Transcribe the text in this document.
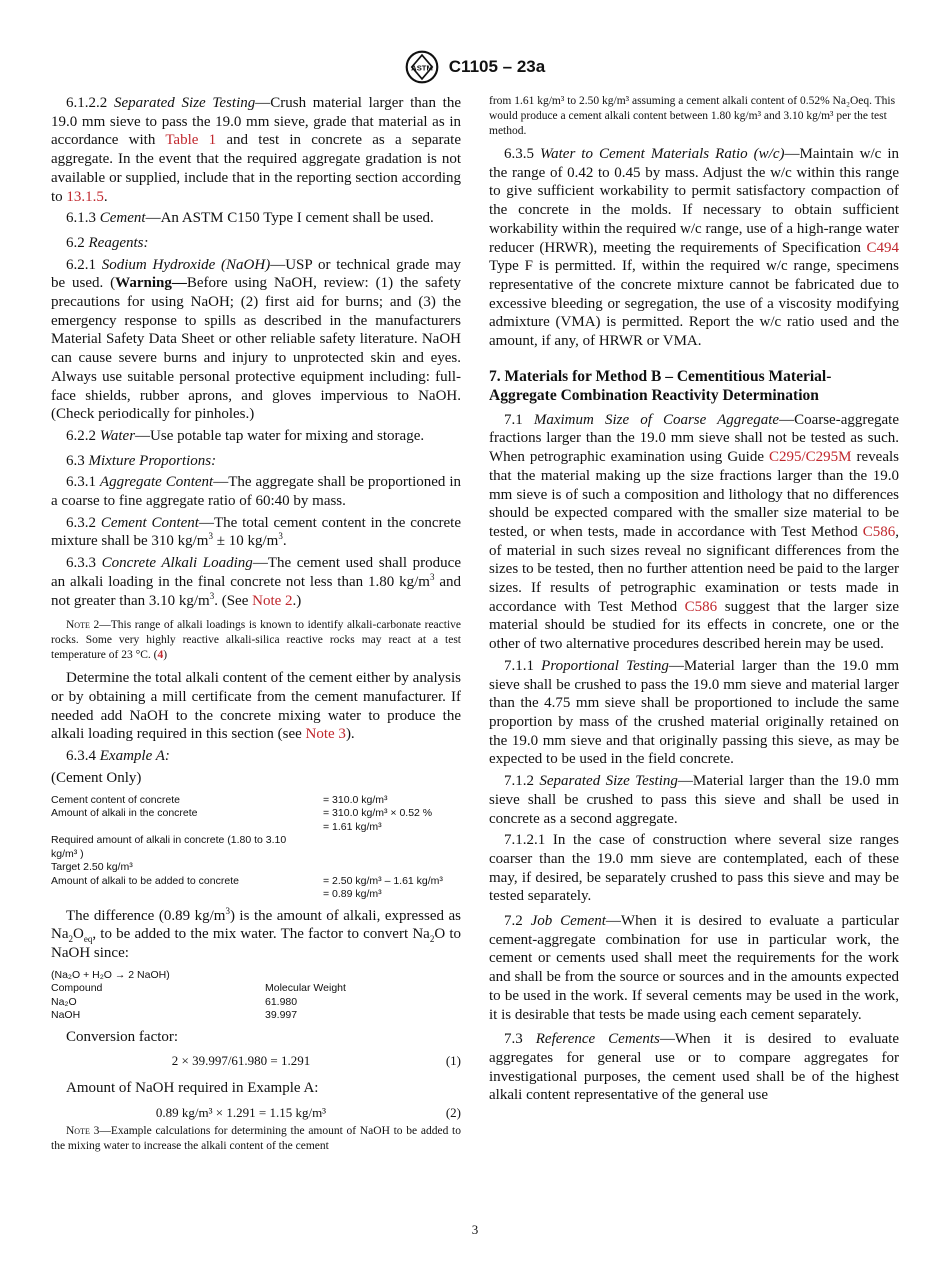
ASTM C1105 – 23a

6.1.2.2 Separated Size Testing—Crush material larger than the 19.0 mm sieve to pass the 19.0 mm sieve, grade that material as in accordance with Table 1 and test in concrete as a separate aggregate. In the event that the required aggregate gradation is not available or supplied, include that in the reporting section according to 13.1.5.

6.1.3 Cement—An ASTM C150 Type I cement shall be used.

6.2 Reagents:

6.2.1 Sodium Hydroxide (NaOH)—USP or technical grade may be used. (Warning—Before using NaOH, review: (1) the safety precautions for using NaOH; (2) first aid for burns; and (3) the emergency response to spills as described in the manufacturers Material Safety Data Sheet or other reliable safety literature. NaOH can cause severe burns and injury to unprotected skin and eyes. Always use suitable personal protective equipment including: full-face shields, rubber aprons, and gloves impervious to NaOH. (Check periodically for pinholes.)

6.2.2 Water—Use potable tap water for mixing and storage.

6.3 Mixture Proportions:

6.3.1 Aggregate Content—The aggregate shall be proportioned in a coarse to fine aggregate ratio of 60:40 by mass.

6.3.2 Cement Content—The total cement content in the concrete mixture shall be 310 $kg/m^3 \pm 10$ $kg/m^3$.

6.3.3 Concrete Alkali Loading—The cement used shall produce an alkali loading in the final concrete not less than 1.80 $kg/m^3$ and not greater than 3.10 $kg/m^3$. (See Note 2.)

Note 2—This range of alkali loadings is known to identify alkali-carbonate reactive rocks. Some very highly reactive alkali-silica reactive rocks may react at a test temperature of 23 °C. (4)

Determine the total alkali content of the cement either by analysis or by obtaining a mill certificate from the cement manufacturer. If needed add NaOH to the concrete mixing water to produce the alkali loading required in this section (see Note 3).

6.3.4 Example A:

(Cement Only)

Cement content of concrete	= 310.0 kg/m³
Amount of alkali in the concrete	= 310.0 kg/m³ × 0.52 %
= 1.61 kg/m³
Required amount of alkali in concrete (1.80 to 3.10
kg/m³ )
Target 2.50 kg/m³
Amount of alkali to be added to concrete	= 2.50 kg/m³ – 1.61 kg/m³
= 0.89 kg/m³

The difference (0.89 $kg/m^3$) is the amount of alkali, expressed as $Na_2O_{eq}$, to be added to the mix water. The factor to convert $Na_2O$ to NaOH since:

(Na₂O + H₂O → 2 NaOH)
Compound	Molecular Weight
Na₂O	61.980
NaOH	39.997

Conversion factor:

2 × 39.997/61.980 = 1.291	(1)

Amount of NaOH required in Example A:

0.89 kg/m³ × 1.291 = 1.15 kg/m³	(2)
Note 3—Example calculations for determining the amount of NaOH to be added to the mixing water to increase the alkali content of the cement
from 1.61 kg/m³ to 2.50 kg/m³ assuming a cement alkali content of 0.52% Na₂Oeq. This would produce a cement alkali content between 1.80 kg/m³ and 3.10 kg/m³ per the test method.

6.3.5 Water to Cement Materials Ratio (w/c)—Maintain w/c in the range of 0.42 to 0.45 by mass. Adjust the w/c within this range to give sufficient workability to permit satisfactory compaction of the concrete in the molds. If necessary to obtain sufficient workability within the required w/c range, use of a high-range water reducer (HRWR), meeting the requirements of Specification C494 Type F is permitted. If, within the required w/c range, specimens representative of the concrete mixture cannot be fabricated due to excessive bleeding or segregation, the use of a viscosity modifying admixture (VMA) is permitted. Report the w/c ratio used and the amount, if any, of HRWR or VMA.

7. Materials for Method B – Cementitious Material-Aggregate Combination Reactivity Determination

7.1 Maximum Size of Coarse Aggregate—Coarse-aggregate fractions larger than the 19.0 mm sieve shall not be tested as such. When petrographic examination using Guide C295/C295M reveals that the material making up the size fractions larger than the 19.0 mm sieve is of such a composition and lithology that no differences should be expected compared with the smaller size material to be tested, or when tests, made in accordance with Test Method C586, of material in such sizes reveal no significant differences from the sizes to be tested, then no further attention need be paid to the larger sizes. If results of petrographic examination or tests made in accordance with Test Method C586 suggest that the larger size material should be studied for its effects in concrete, one or the other of two alternative procedures described herein may be used.

7.1.1 Proportional Testing—Material larger than the 19.0 mm sieve shall be crushed to pass the 19.0 mm sieve and material larger than the 4.75 mm sieve shall be proportioned to include the same proportion by mass of the crushed material originally retained on the 19.0 mm sieve and that originally passing this sieve, as may be expected to be used in the field concrete.

7.1.2 Separated Size Testing—Material larger than the 19.0 mm sieve shall be crushed to pass this sieve and shall be used in concrete as a second aggregate.

7.1.2.1 In the case of construction where several size ranges coarser than the 19.0 mm sieve are contemplated, each of these may, if desired, be separately crushed to pass this sieve and may be tested separately.

7.2 Job Cement—When it is desired to evaluate a particular cement-aggregate combination for use in particular work, the cement or cements used shall meet the requirements for the work and shall be from the source or sources and in the amounts expected to be used in the work. If several cements may be used in the work, it is desirable that tests be made using each cement separately.

7.3 Reference Cements—When it is desired to evaluate aggregates for general use or to compare aggregates for investigational purposes, the cement used shall be of the highest alkali content representative of the general use

3
